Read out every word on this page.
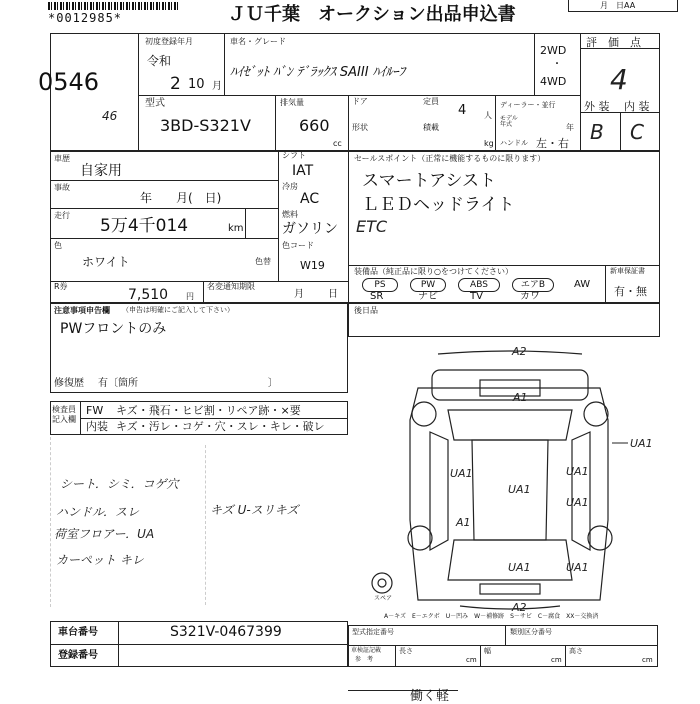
*0012985*	ＪＵ千葉　オークション出品申込書	月　日AA
0546
46
初度登録年月
令和
2 10 月
車名・グレード
ﾊｲｾﾞｯﾄ ﾊﾞﾝ ﾃﾞﾗｯｸｽ SAIII ﾊｲﾙｰﾌ
2WD
・
4WD
型式
3BD-S321V
排気量
660
cc
ドア	定員
4 人
ディーラー・並行
モデル
年式	年
形状	積載
kg ハンドル 左・右
評　価　点
4
外 装 内 装
B C
車歴
自家用
事故
年　　月(　日)
走行
5万4千014	km
色
ホワイト	色替
シフト
IAT
冷房
AC
燃料
ガソリン
色コード
W19
セールスポイント（正常に機能するものに限ります）
スマートアシスト
ＬＥＤヘッドライト
ETC
R券
7,510 円
名変通知期限
月 日
装備品（純正品に限り○をつけてください）	新車保証書
有・無
PS	PW	ABS	エアB	AW
SR	ナビ	TV	カワ
注意事項申告欄 （申告は明確にご記入して下さい）
PWフロントのみ
修復歴 有〔箇所　　　　　　　　　　　　　〕
後日品
検査員
記入欄
FW キズ・飛石・ヒビ割・リペア跡・×要
内装 キズ・汚レ・コゲ・穴・スレ・キレ・破レ
シート．シミ．コゲ穴
ハンドル．スレ
荷室フロアー．UA
カーペット キレ
キズ U-スリキズ
A2
A1
UA1
UA1	UA1
UA1
UA1
A1
UA1	UA1
A2
スペア
A－キズ　E－エクボ　U－凹み　W－補修跡　S－サビ　C－腐食　XX－交換済
車台番号	S321V-0467399
登録番号
型式指定番号	類別区分番号
車検証記載
参　考
長さ
cm
幅
cm
高さ
cm
働く軽
